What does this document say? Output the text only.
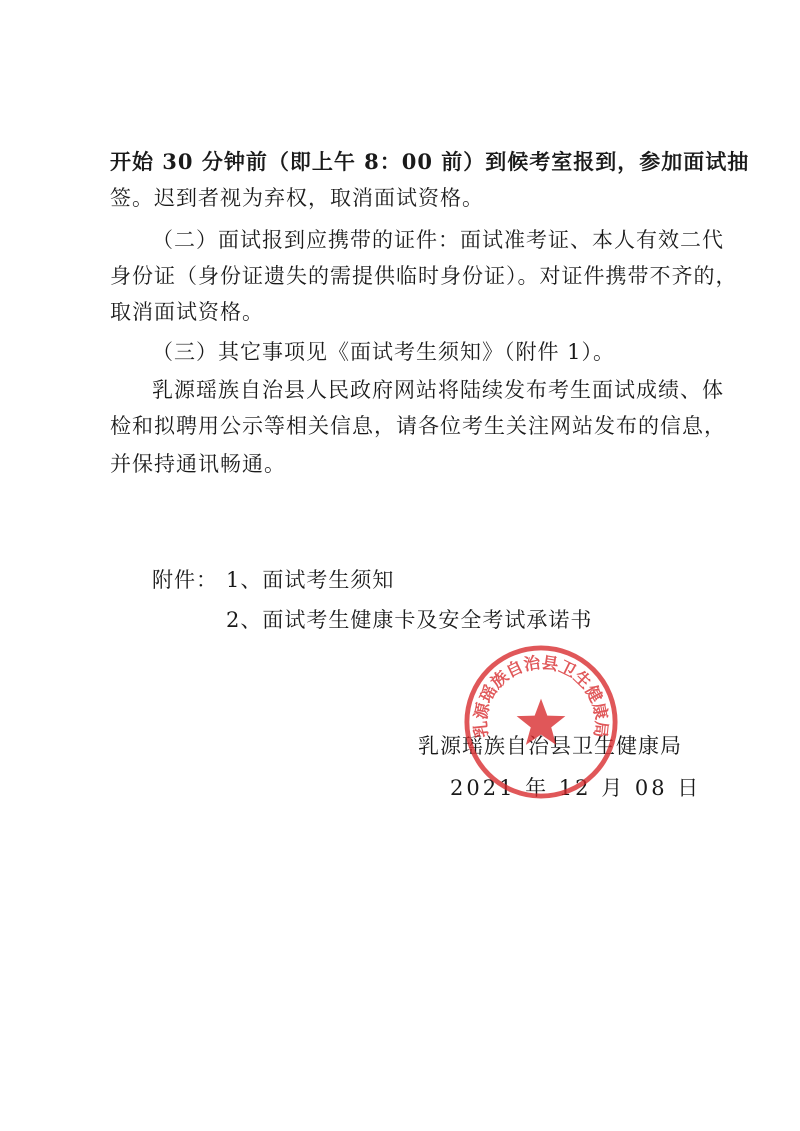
开始 30 分钟前（即上午 8：00 前）到候考室报到，参加面试抽
签。迟到者视为弃权，取消面试资格。
（二）面试报到应携带的证件：面试准考证、本人有效二代
身份证（身份证遗失的需提供临时身份证）。对证件携带不齐的，
取消面试资格。
（三）其它事项见《面试考生须知》（附件 1）。
乳源瑶族自治县人民政府网站将陆续发布考生面试成绩、体
检和拟聘用公示等相关信息，请各位考生关注网站发布的信息，
并保持通讯畅通。
附件： 1、面试考生须知
2、面试考生健康卡及安全考试承诺书
乳源瑶族自治县卫生健康局
2021 年 12 月 08 日
乳源瑶族自治县卫生健康局
